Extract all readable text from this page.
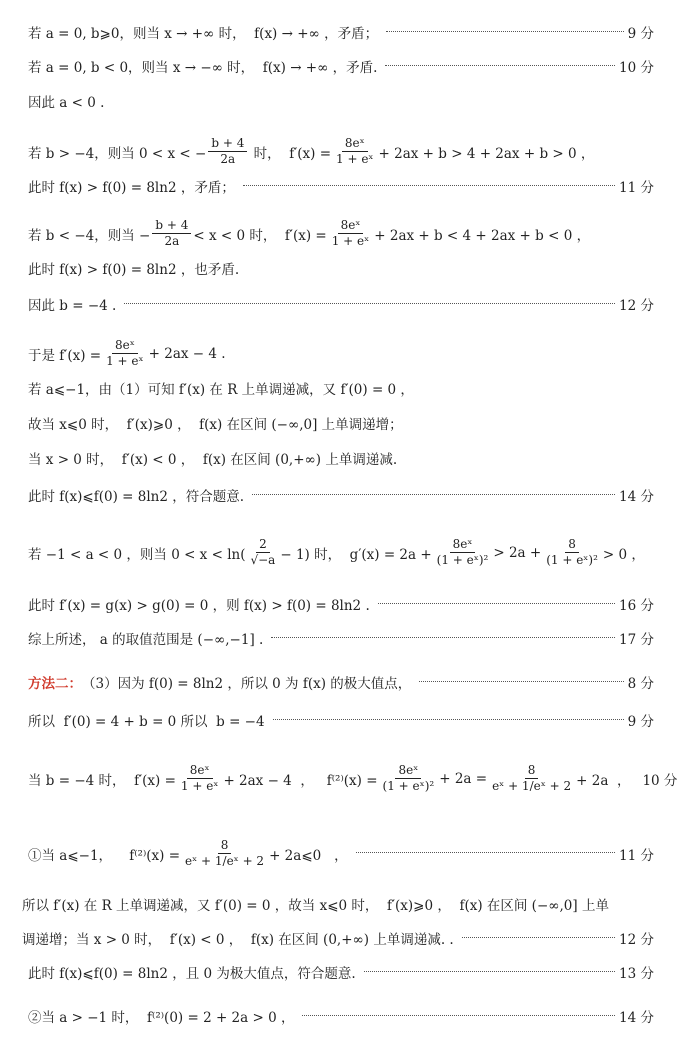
若 a = 0, b⩾0，则当 x → +∞ 时，  f(x) → +∞ ，矛盾；	9 分
若 a = 0, b < 0，则当 x → −∞ 时，  f(x) → +∞ ，矛盾.	10 分
因此 a < 0 .
若 b > −4，则当 0 < x < − $\frac{b + 4}{2a}$ 时，  $f'(x) = \frac{\text{8eˣ}}{\text{1 + eˣ}} + 2ax + b > 4 + 2ax + b > 0$ ，
此时 f(x) > f(0) = 8ln2 ，矛盾；	11 分
若 b < −4，则当 − $\frac{b + 4}{2a} < x < 0$ 时，  $f'(x) = \frac{\text{8eˣ}}{\text{1 + eˣ}} + 2ax + b < 4 + 2ax + b < 0$ ，
此时 f(x) > f(0) = 8ln2 ，也矛盾.
因此 b = −4 .	12 分
于是 $f'(x) = \frac{\text{8eˣ}}{\text{1 + eˣ}} + 2ax - 4$ .
若 a⩽−1，由（1）可知 f′(x) 在 R 上单调递减，又 f′(0) = 0 ，
故当 x⩽0 时，  f′(x)⩾0 ，  f(x) 在区间 (−∞,0] 上单调递增；
当 x > 0 时，  f′(x) < 0 ，  f(x) 在区间 (0,+∞) 上单调递减.
此时 f(x)⩽f(0) = 8ln2 ，符合题意.	14 分
若 −1 < a < 0 ，则当 $0 < x < \ln( \frac{2}{√-a} - 1)$ 时，  $g'(x) = 2a + \frac{\text{8eˣ}}{\text{(1 + eˣ)²}} > 2a + \frac{8}{\text{(1 + eˣ)²}} > 0$ ，
此时 f′(x) = g(x) > g(0) = 0 ，则 f(x) > f(0) = 8ln2 .	16 分
综上所述， a 的取值范围是 (−∞,−1] .	17 分
方法二： （3）因为 f(0) = 8ln2 ，所以 0 为 f(x) 的极大值点，	8 分
所以  f′(0) = 4 + b = 0 所以  b = −4	9 分
当 b = −4 时，  $f'(x) = \frac{\text{8eˣ}}{\text{1 + eˣ}} + 2ax - 4$  ，   $f^{(2)}(x) = \frac{\text{8eˣ}}{\text{(1 + eˣ)²}} + 2a = \frac{8}{\text{eˣ + 1/eˣ + 2}} + 2a$  ， 10 分
①当 a⩽−1，    $f^{(2)}(x) = \frac{8}{\text{eˣ + 1/eˣ + 2}}$ + 2a⩽0   ，	11 分
所以 f′(x) 在 R 上单调递减，又 f′(0) = 0 ，故当 x⩽0 时，  f′(x)⩾0 ，  f(x) 在区间 (−∞,0] 上单
调递增；当 x > 0 时，  f′(x) < 0 ，  f(x) 在区间 (0,+∞) 上单调递减. .	12 分
此时 f(x)⩽f(0) = 8ln2 ，且 0 为极大值点，符合题意.	13 分
②当 a > −1 时，  f⁽²⁾(0) = 2 + 2a > 0 ，	14 分
